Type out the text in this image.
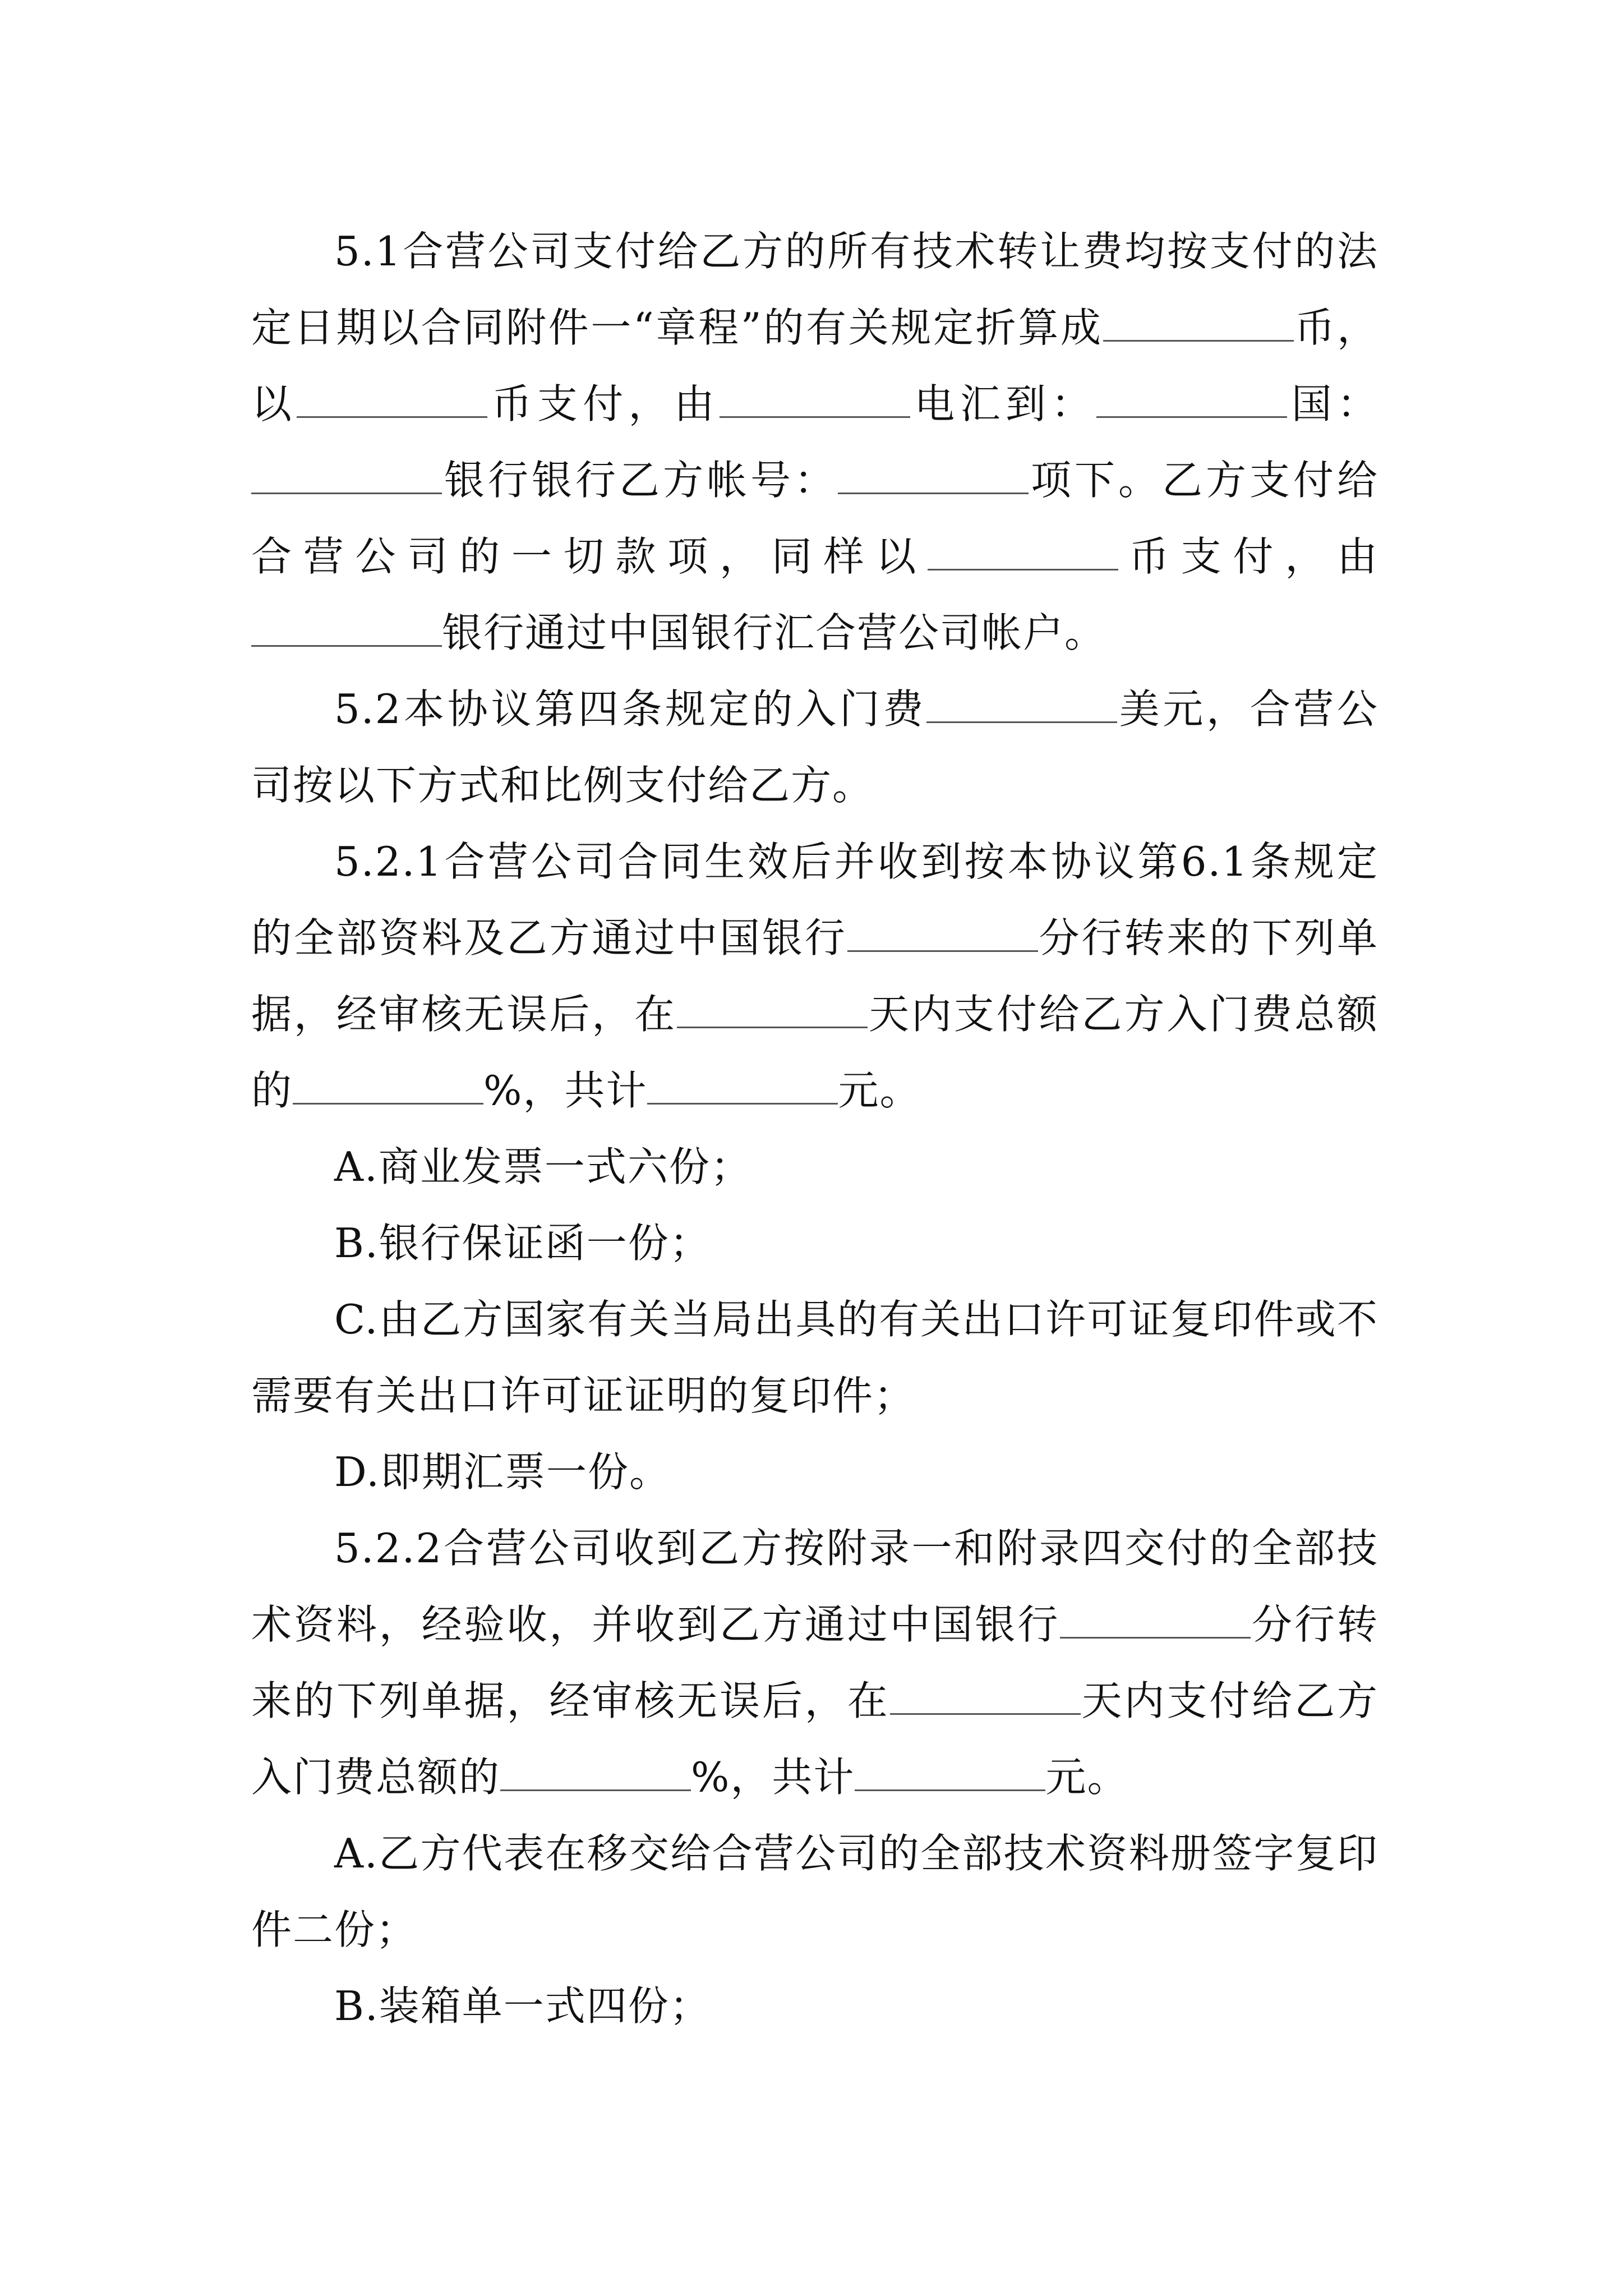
5.1合营公司支付给乙方的所有技术转让费均按支付的法定日期以合同附件一“章程”的有关规定折算成	币，以	币支付，由	电汇到：	国：银行银行乙方帐号：	项下。乙方支付给合营公司的一切款项，同样以	币支付，由银行通过中国银行汇合营公司帐户。

5.2本协议第四条规定的入门费	美元，合营公司按以下方式和比例支付给乙方。

5.2.1合营公司合同生效后并收到按本协议第6.1条规定的全部资料及乙方通过中国银行	分行转来的下列单据，经审核无误后，在	天内支付给乙方入门费总额的	%，共计	元。

A.商业发票一式六份；

B.银行保证函一份；

C.由乙方国家有关当局出具的有关出口许可证复印件或不需要有关出口许可证证明的复印件；

D.即期汇票一份。

5.2.2合营公司收到乙方按附录一和附录四交付的全部技术资料，经验收，并收到乙方通过中国银行	分行转来的下列单据，经审核无误后，在	天内支付给乙方入门费总额的	%，共计	元。

A.乙方代表在移交给合营公司的全部技术资料册签字复印件二份；

B.装箱单一式四份；
